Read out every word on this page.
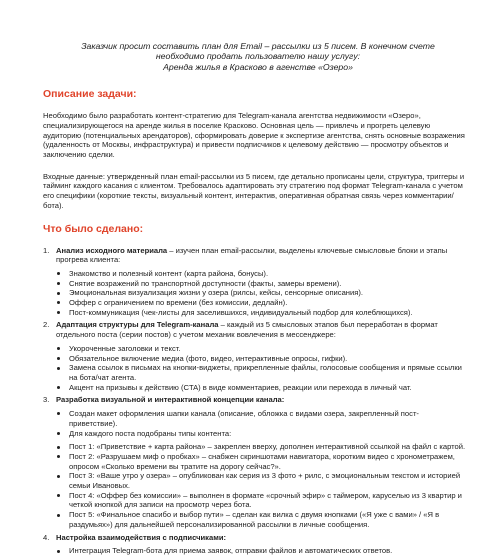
Заказчик просит составить план для Email – рассылки из 5 писем. В конечном счете
необходимо продать пользователю нашу услугу:
Аренда жилья в Красково в агенстве «Озеро»
Описание задачи:

Необходимо было разработать контент-стратегию для Telegram-канала агентства недвижимости «Озеро», специализирующегося на аренде жилья в поселке Красково. Основная цель — привлечь и прогреть целевую аудиторию (потенциальных арендаторов), сформировать доверие к экспертизе агентства, снять основные возражения (удаленность от Москвы, инфраструктура) и привести подписчиков к целевому действию — просмотру объектов и заключению сделки.

Входные данные: утвержденный план email-рассылки из 5 писем, где детально прописаны цели, структура, триггеры и тайминг каждого касания с клиентом. Требовалось адаптировать эту стратегию под формат Telegram-канала с учетом его специфики (короткие тексты, визуальный контент, интерактив, оперативная обратная связь через комментарии/бота).

Что было сделано:
1. Анализ исходного материала – изучен план email-рассылки, выделены ключевые смысловые блоки и этапы прогрева клиента:
Знакомство и полезный контент (карта района, бонусы).
Снятие возражений по транспортной доступности (факты, замеры времени).
Эмоциональная визуализация жизни у озера (рилсы, кейсы, сенсорные описания).
Оффер с ограничением по времени (без комиссии, дедлайн).
Пост-коммуникация (чек-листы для заселившихся, индивидуальный подбор для колеблющихся).
2. Адаптация структуры для Telegram-канала – каждый из 5 смысловых этапов был переработан в формат отдельного поста (серии постов) с учетом механик вовлечения в мессенджере:
Укороченные заголовки и текст.
Обязательное включение медиа (фото, видео, интерактивные опросы, гифки).
Замена ссылок в письмах на кнопки-виджеты, прикрепленные файлы, голосовые сообщения и прямые ссылки на бота/чат агента.
Акцент на призывы к действию (CTA) в виде комментариев, реакции или перехода в личный чат.
3. Разработка визуальной и интерактивной концепции канала:
Создан макет оформления шапки канала (описание, обложка с видами озера, закрепленный пост-приветствие).
Для каждого поста подобраны типы контента:
Пост 1: «Приветствие + карта района» – закреплен вверху, дополнен интерактивной ссылкой на файл с картой.
Пост 2: «Разрушаем миф о пробках» – снабжен скриншотами навигатора, коротким видео с хронометражем, опросом «Сколько времени вы тратите на дорогу сейчас?».
Пост 3: «Ваше утро у озера» – опубликован как серия из 3 фото + рилс, с эмоциональным текстом и историей семьи Ивановых.
Пост 4: «Оффер без комиссии» – выполнен в формате «срочный эфир» с таймером, каруселью из 3 квартир и четкой кнопкой для записи на просмотр через бота.
Пост 5: «Финальное спасибо и выбор пути» – сделан как вилка с двумя кнопками («Я уже с вами» / «Я в раздумьях») для дальнейшей персонализированной рассылки в личные сообщения.
4. Настройка взаимодействия с подписчиками:
Интеграция Telegram-бота для приема заявок, отправки файлов и автоматических ответов.
